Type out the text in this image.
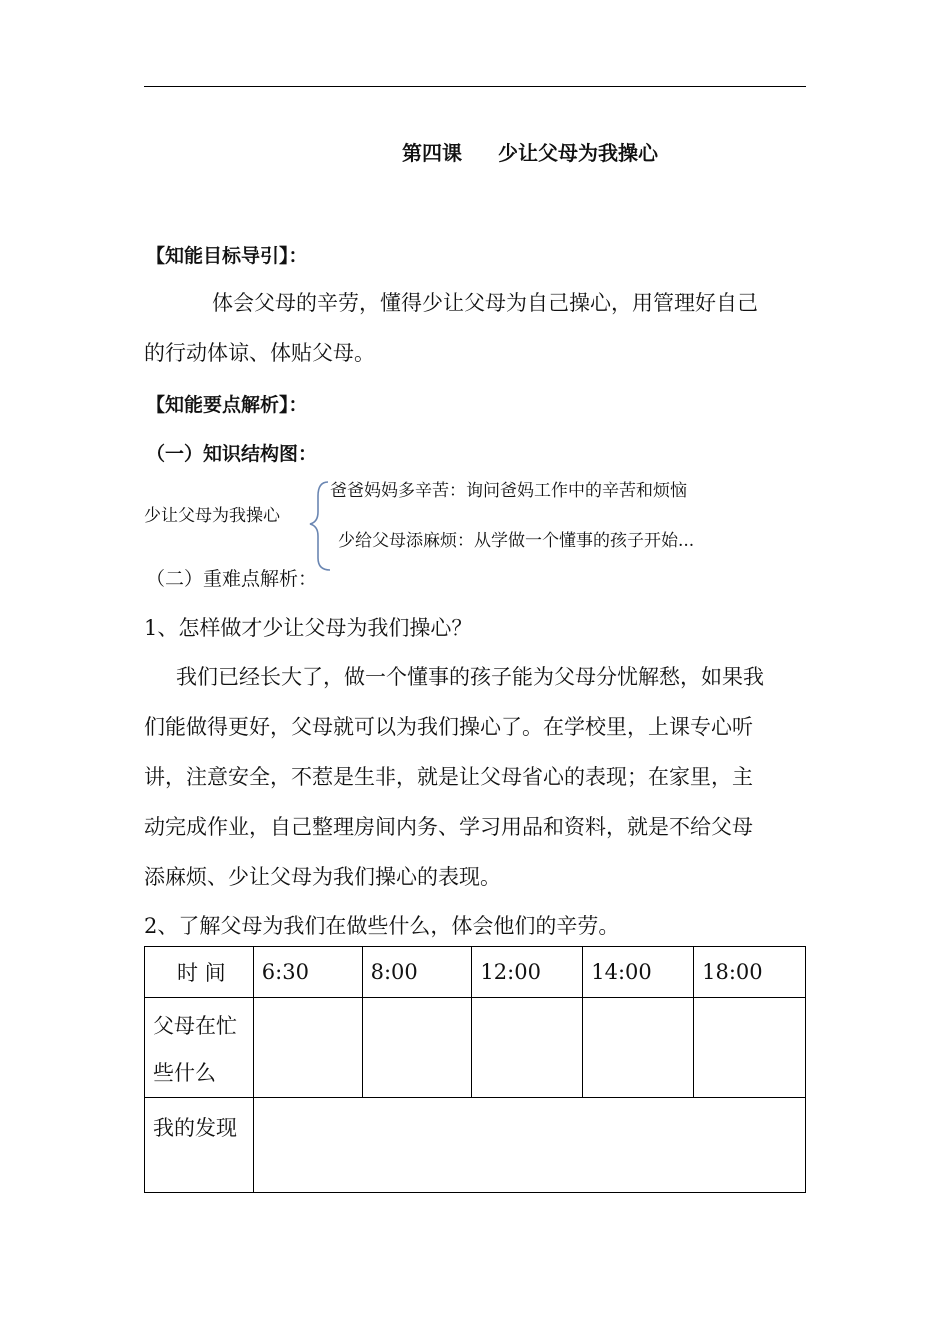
第四课 少让父母为我操心
【知能目标导引】：
体会父母的辛劳，懂得少让父母为自己操心，用管理好自己
的行动体谅、体贴父母。
【知能要点解析】：
（一）知识结构图：
少让父母为我操心
爸爸妈妈多辛苦：询问爸妈工作中的辛苦和烦恼
少给父母添麻烦：从学做一个懂事的孩子开始...
（二）重难点解析：
1、怎样做才少让父母为我们操心？
我们已经长大了，做一个懂事的孩子能为父母分忧解愁，如果我
们能做得更好，父母就可以为我们操心了。在学校里，上课专心听
讲，注意安全，不惹是生非，就是让父母省心的表现；在家里，主
动完成作业，自己整理房间内务、学习用品和资料，就是不给父母
添麻烦、少让父母为我们操心的表现。
2、了解父母为我们在做些什么，体会他们的辛劳。
时 间	6:30	8:00	12:00	14:00	18:00

父母在忙
些什么					

我的发现					
